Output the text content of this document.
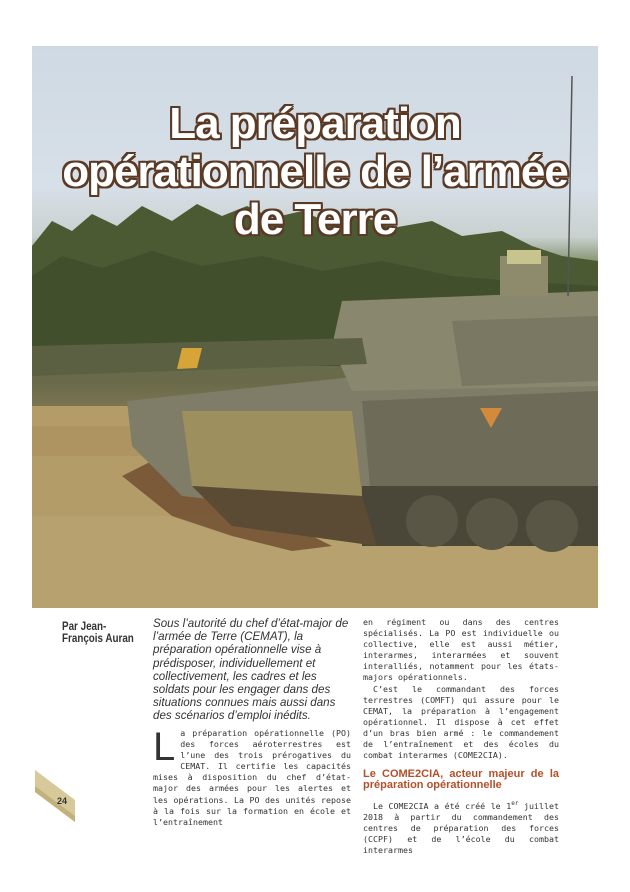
La préparation
opérationnelle de l’armée
de Terre
Par Jean-François Auran
Sous l’autorité du chef d’état-major de l’armée de Terre (CEMAT), la préparation opérationnelle vise à prédisposer, individuellement et collectivement, les cadres et les soldats pour les engager dans des situations connues mais aussi dans des scénarios d’emploi inédits.
L a préparation opérationnelle (PO) des forces aéroterrestres est l’une des trois prérogatives du CEMAT. Il certifie les capacités mises à disposition du chef d’état-major des armées pour les alertes et les opérations. La PO des unités repose à la fois sur la formation en école et l’entraînement
en régiment ou dans des centres spécialisés. La PO est individuelle ou collective, elle est aussi métier, interarmes, interarmées et souvent interalliés, notamment pour les états-majors opérationnels.
C’est le commandant des forces terrestres (COMFT) qui assure pour le CEMAT, la préparation à l’engagement opérationnel. Il dispose à cet effet d’un bras bien armé : le commandement de l’entraînement et des écoles du combat interarmes (COME2CIA).
Le COME2CIA, acteur majeur de la préparation opérationnelle
Le COME2CIA a été créé le 1er juillet 2018 à partir du commandement des centres de préparation des forces (CCPF) et de l’école du combat interarmes
24
